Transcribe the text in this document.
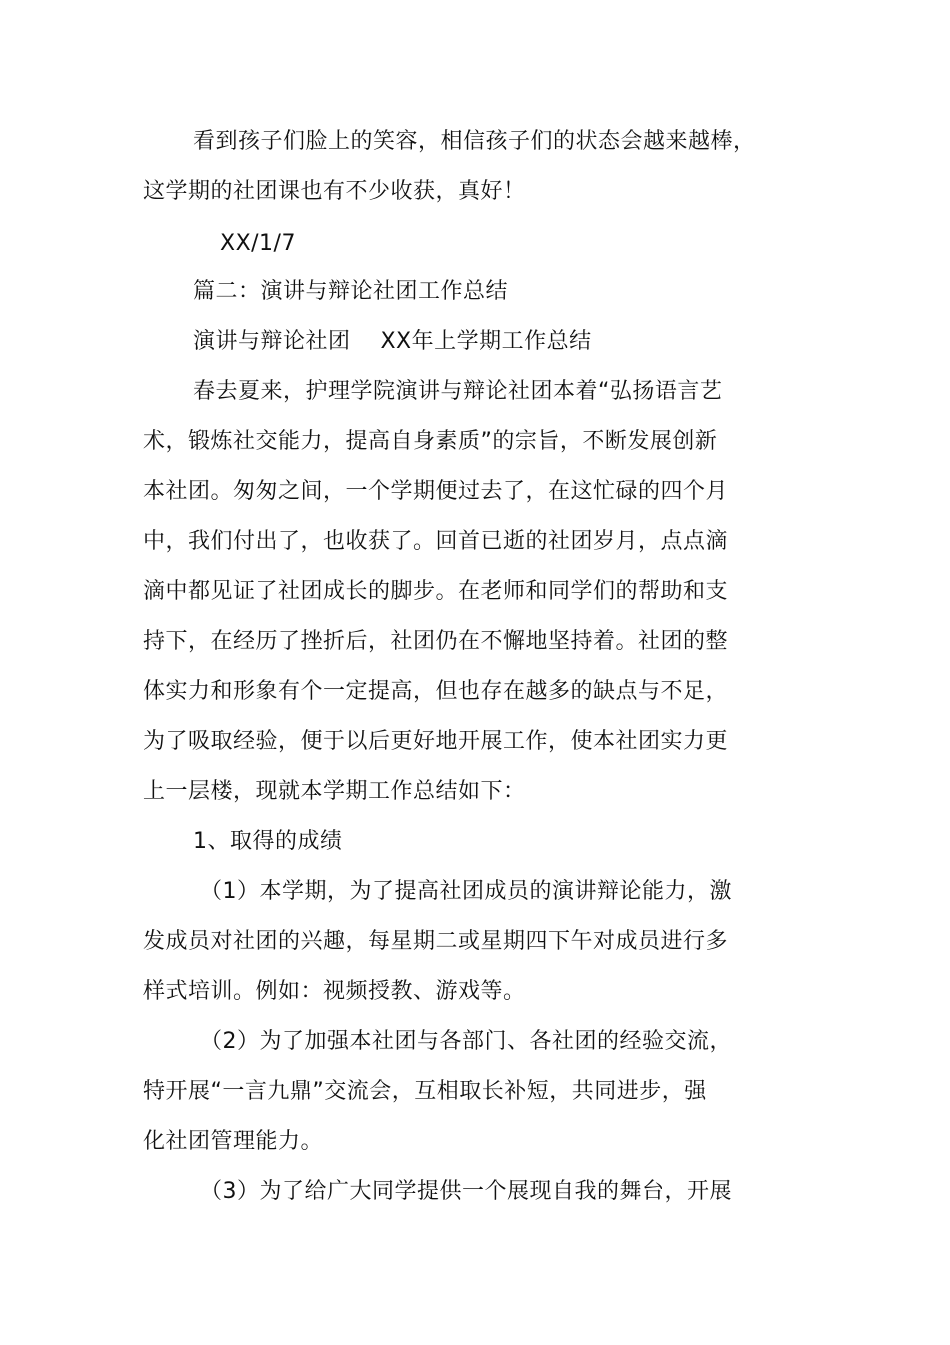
看到孩子们脸上的笑容，相信孩子们的状态会越来越棒，
这学期的社团课也有不少收获，真好！
XX/1/7
篇二：演讲与辩论社团工作总结
演讲与辩论社团    XX年上学期工作总结
春去夏来，护理学院演讲与辩论社团本着“弘扬语言艺
术，锻炼社交能力，提高自身素质”的宗旨，不断发展创新
本社团。匆匆之间，一个学期便过去了，在这忙碌的四个月
中，我们付出了，也收获了。回首已逝的社团岁月，点点滴
滴中都见证了社团成长的脚步。在老师和同学们的帮助和支
持下，在经历了挫折后，社团仍在不懈地坚持着。社团的整
体实力和形象有个一定提高，但也存在越多的缺点与不足，
为了吸取经验，便于以后更好地开展工作，使本社团实力更
上一层楼，现就本学期工作总结如下：
1、取得的成绩
（1）本学期，为了提高社团成员的演讲辩论能力，激
发成员对社团的兴趣，每星期二或星期四下午对成员进行多
样式培训。例如：视频授教、游戏等。
（2）为了加强本社团与各部门、各社团的经验交流，
特开展“一言九鼎”交流会，互相取长补短，共同进步，强
化社团管理能力。
（3）为了给广大同学提供一个展现自我的舞台，开展
